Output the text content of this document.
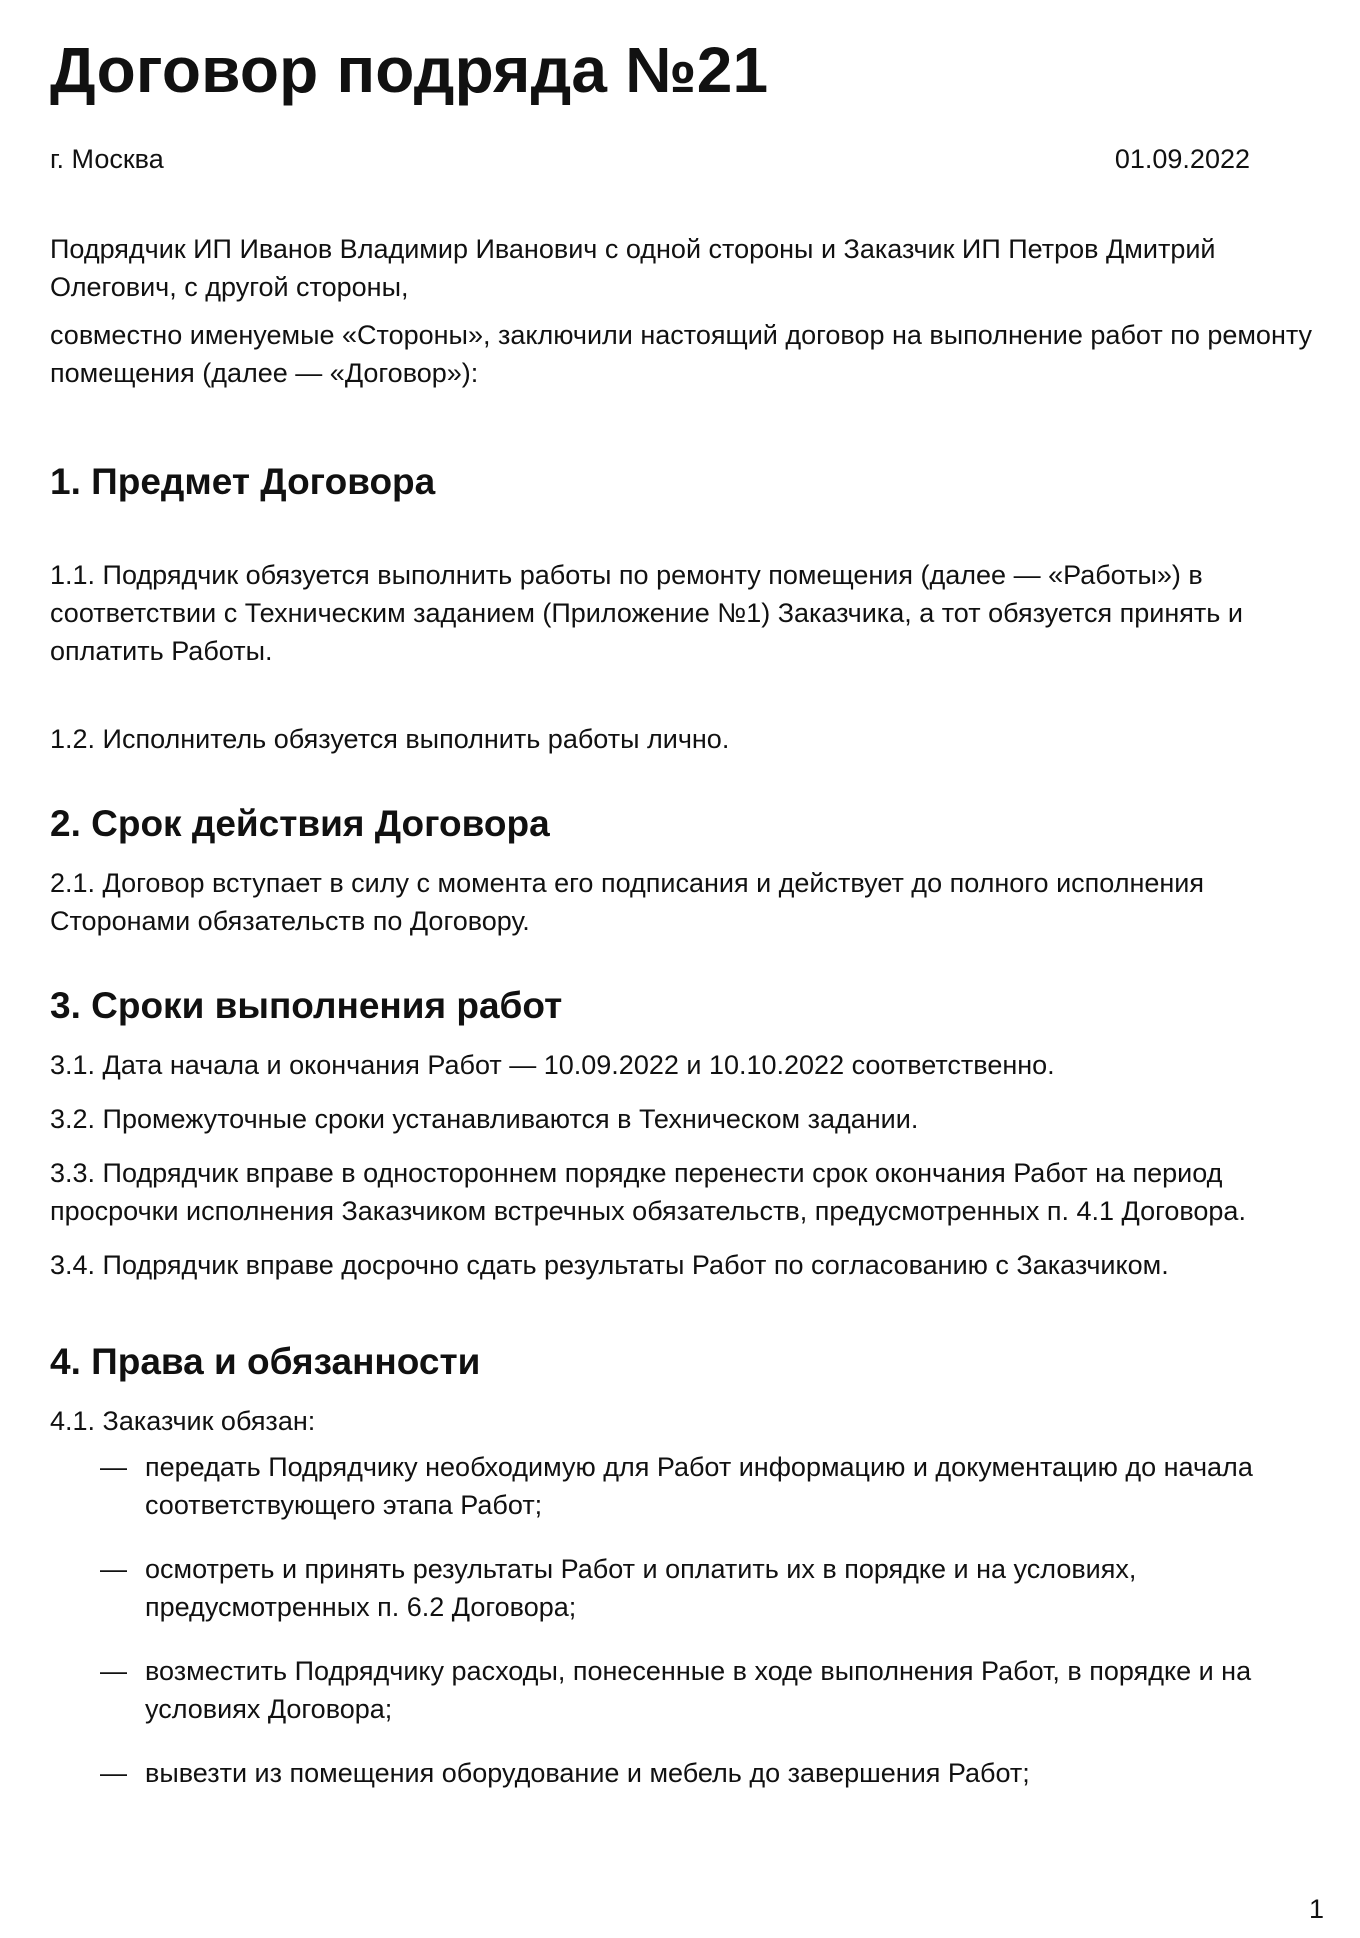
Договор подряда №21
г. Москва	01.09.2022

Подрядчик ИП Иванов Владимир Иванович с одной стороны и Заказчик ИП Петров Дмитрий Олегович, с другой стороны,

совместно именуемые «Стороны», заключили настоящий договор на выполнение работ по ремонту помещения (далее — «Договор»):

1. Предмет Договора

1.1. Подрядчик обязуется выполнить работы по ремонту помещения (далее — «Работы») в соответствии с Техническим заданием (Приложение №1) Заказчика, а тот обязуется принять и оплатить Работы.

1.2. Исполнитель обязуется выполнить работы лично.

2. Срок действия Договора

2.1. Договор вступает в силу с момента его подписания и действует до полного исполнения Сторонами обязательств по Договору.

3. Сроки выполнения работ

3.1. Дата начала и окончания Работ — 10.09.2022 и 10.10.2022 соответственно.

3.2. Промежуточные сроки устанавливаются в Техническом задании.

3.3. Подрядчик вправе в одностороннем порядке перенести срок окончания Работ на период просрочки исполнения Заказчиком встречных обязательств, предусмотренных п. 4.1 Договора.

3.4. Подрядчик вправе досрочно сдать результаты Работ по согласованию с Заказчиком.

4. Права и обязанности

4.1. Заказчик обязан:

— передать Подрядчику необходимую для Работ информацию и документацию до начала соответствующего этапа Работ;
— осмотреть и принять результаты Работ и оплатить их в порядке и на условиях, предусмотренных п. 6.2 Договора;
— возместить Подрядчику расходы, понесенные в ходе выполнения Работ, в порядке и на условиях Договора;
— вывезти из помещения оборудование и мебель до завершения Работ;
1
